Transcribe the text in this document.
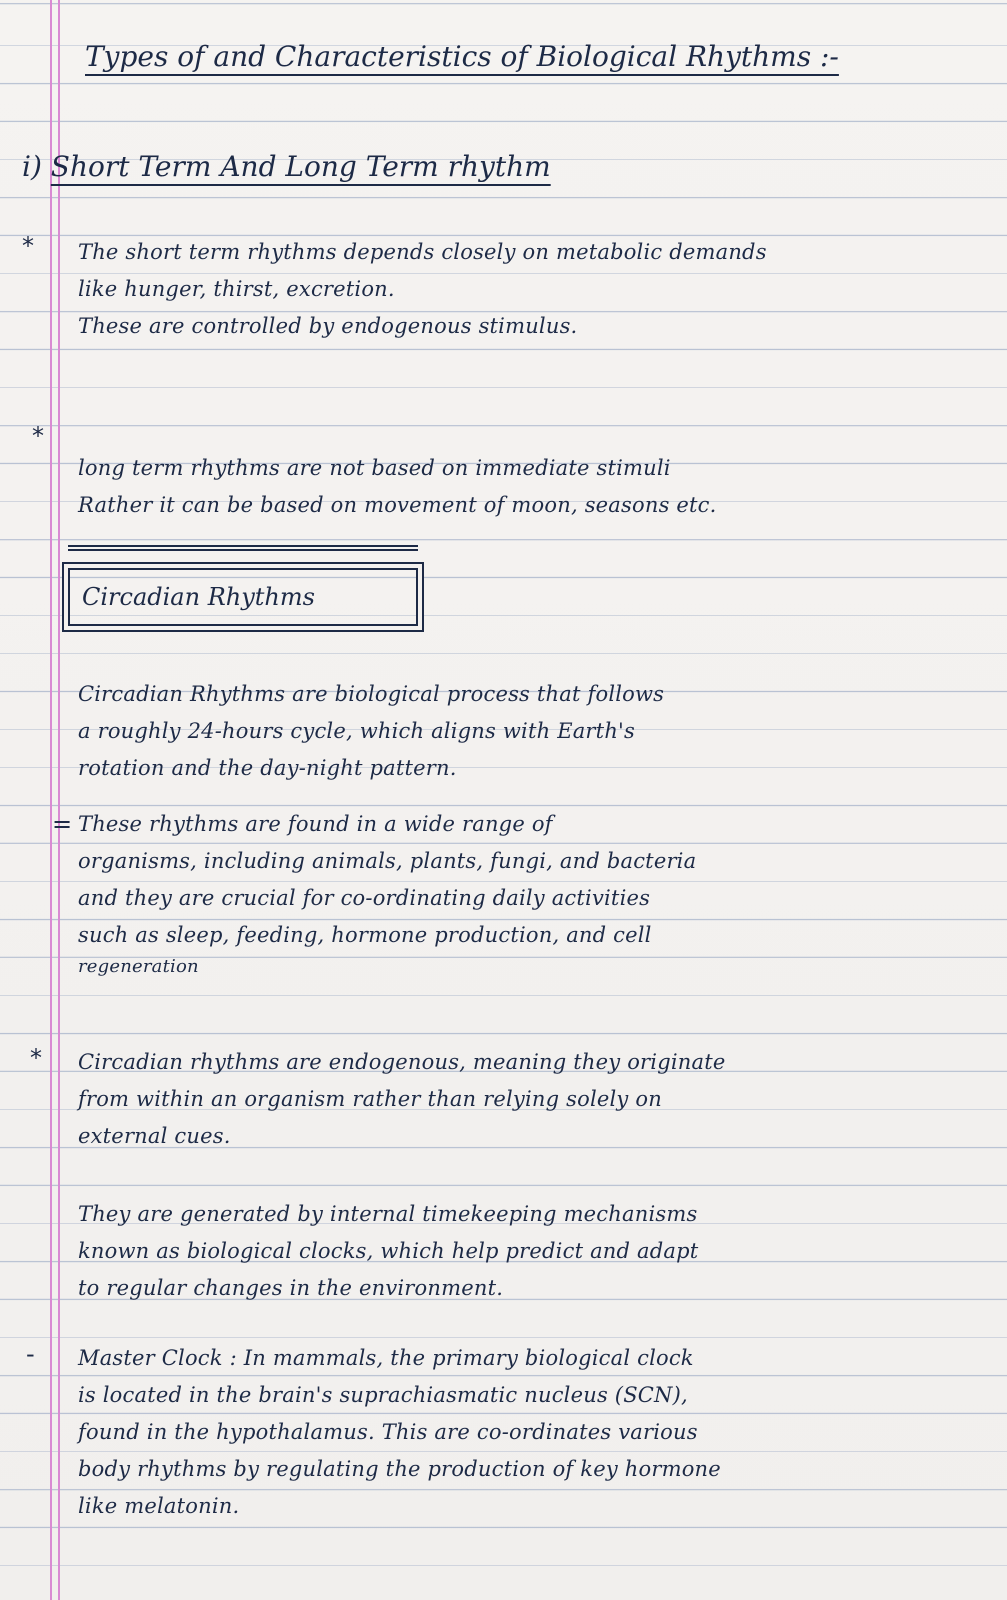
Types of and Characteristics of Biological Rhythms :-

i) Short Term And Long Term rhythm

* The short term rhythms depends closely on metabolic demands
like hunger, thirst, excretion.
These are controlled by endogenous stimulus.
*
long term rhythms are not based on immediate stimuli
Rather it can be based on movement of moon, seasons etc.
Circadian Rhythms
Circadian Rhythms are biological process that follows
a roughly 24-hours cycle, which aligns with Earth's
rotation and the day-night pattern.
= These rhythms are found in a wide range of
organisms, including animals, plants, fungi, and bacteria
and they are crucial for co-ordinating daily activities
such as sleep, feeding, hormone production, and cell
regeneration
* Circadian rhythms are endogenous, meaning they originate
from within an organism rather than relying solely on
external cues.
They are generated by internal timekeeping mechanisms
known as biological clocks, which help predict and adapt
to regular changes in the environment.
- Master Clock : In mammals, the primary biological clock
is located in the brain's suprachiasmatic nucleus (SCN),
found in the hypothalamus. This are co-ordinates various
body rhythms by regulating the production of key hormone
like melatonin.
